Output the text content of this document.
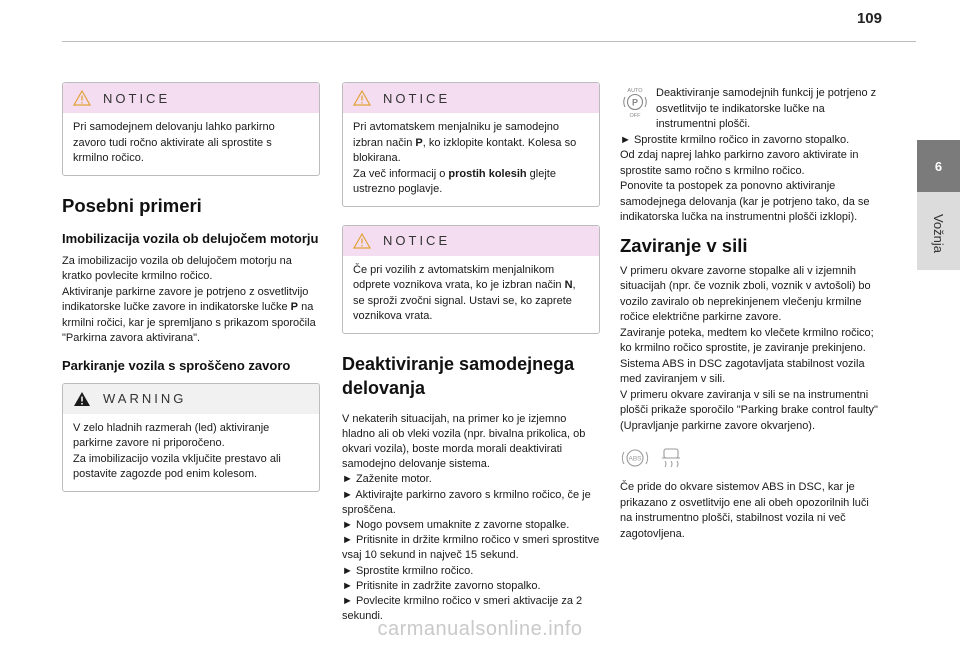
109
6
Vožnja
NOTICE
Pri samodejnem delovanju lahko parkirno zavoro tudi ročno aktivirate ali sprostite s krmilno ročico.
Posebni primeri
Imobilizacija vozila ob delujočem motorju

Za imobilizacijo vozila ob delujočem motorju na kratko povlecite krmilno ročico.
Aktiviranje parkirne zavore je potrjeno z osvetlitvijo indikatorske lučke zavore in indikatorske lučke P na krmilni ročici, kar je spremljano s prikazom sporočila "Parkirna zavora aktivirana".

Parkiranje vozila s sproščeno zavoro
WARNING
V zelo hladnih razmerah (led) aktiviranje parkirne zavore ni priporočeno.
Za imobilizacijo vozila vključite prestavo ali postavite zagozde pod enim kolesom.
NOTICE
Pri avtomatskem menjalniku je samodejno izbran način P, ko izklopite kontakt. Kolesa so blokirana.
Za več informacij o prostih kolesih glejte ustrezno poglavje.
NOTICE
Če pri vozilih z avtomatskim menjalnikom odprete voznikova vrata, ko je izbran način N, se sproži zvočni signal. Ustavi se, ko zaprete voznikova vrata.
Deaktiviranje samodejnega delovanja

V nekaterih situacijah, na primer ko je izjemno hladno ali ob vleki vozila (npr. bivalna prikolica, ob okvari vozila), boste morda morali deaktivirati samodejno delovanje sistema.
► Zaženite motor.
► Aktivirajte parkirno zavoro s krmilno ročico, če je sproščena.
► Nogo povsem umaknite z zavorne stopalke.
► Pritisnite in držite krmilno ročico v smeri sprostitve vsaj 10 sekund in največ 15 sekund.
► Sprostite krmilno ročico.
► Pritisnite in zadržite zavorno stopalko.
► Povlecite krmilno ročico v smeri aktivacije za 2 sekundi.

AUTO
P
OFF
Deaktiviranje samodejnih funkcij je potrjeno z osvetlitvijo te indikatorske lučke na instrumentni plošči.
► Sprostite krmilno ročico in zavorno stopalko.
Od zdaj naprej lahko parkirno zavoro aktivirate in sprostite samo ročno s krmilno ročico.
Ponovite ta postopek za ponovno aktiviranje samodejnega delovanja (kar je potrjeno tako, da se indikatorska lučka na instrumentni plošči izklopi).

Zaviranje v sili

V primeru okvare zavorne stopalke ali v izjemnih situacijah (npr. če voznik zboli, voznik v avtošoli) bo vozilo zaviralo ob neprekinjenem vlečenju krmilne ročice električne parkirne zavore.
Zaviranje poteka, medtem ko vlečete krmilno ročico; ko krmilno ročico sprostite, je zaviranje prekinjeno.
Sistema ABS in DSC zagotavljata stabilnost vozila med zaviranjem v sili.
V primeru okvare zaviranja v sili se na instrumentni plošči prikaže sporočilo "Parking brake control faulty" (Upravljanje parkirne zavore okvarjeno).

ABS

Če pride do okvare sistemov ABS in DSC, kar je prikazano z osvetlitvijo ene ali obeh opozorilnih luči na instrumentno plošči, stabilnost vozila ni več zagotovljena.

carmanualsonline.info
